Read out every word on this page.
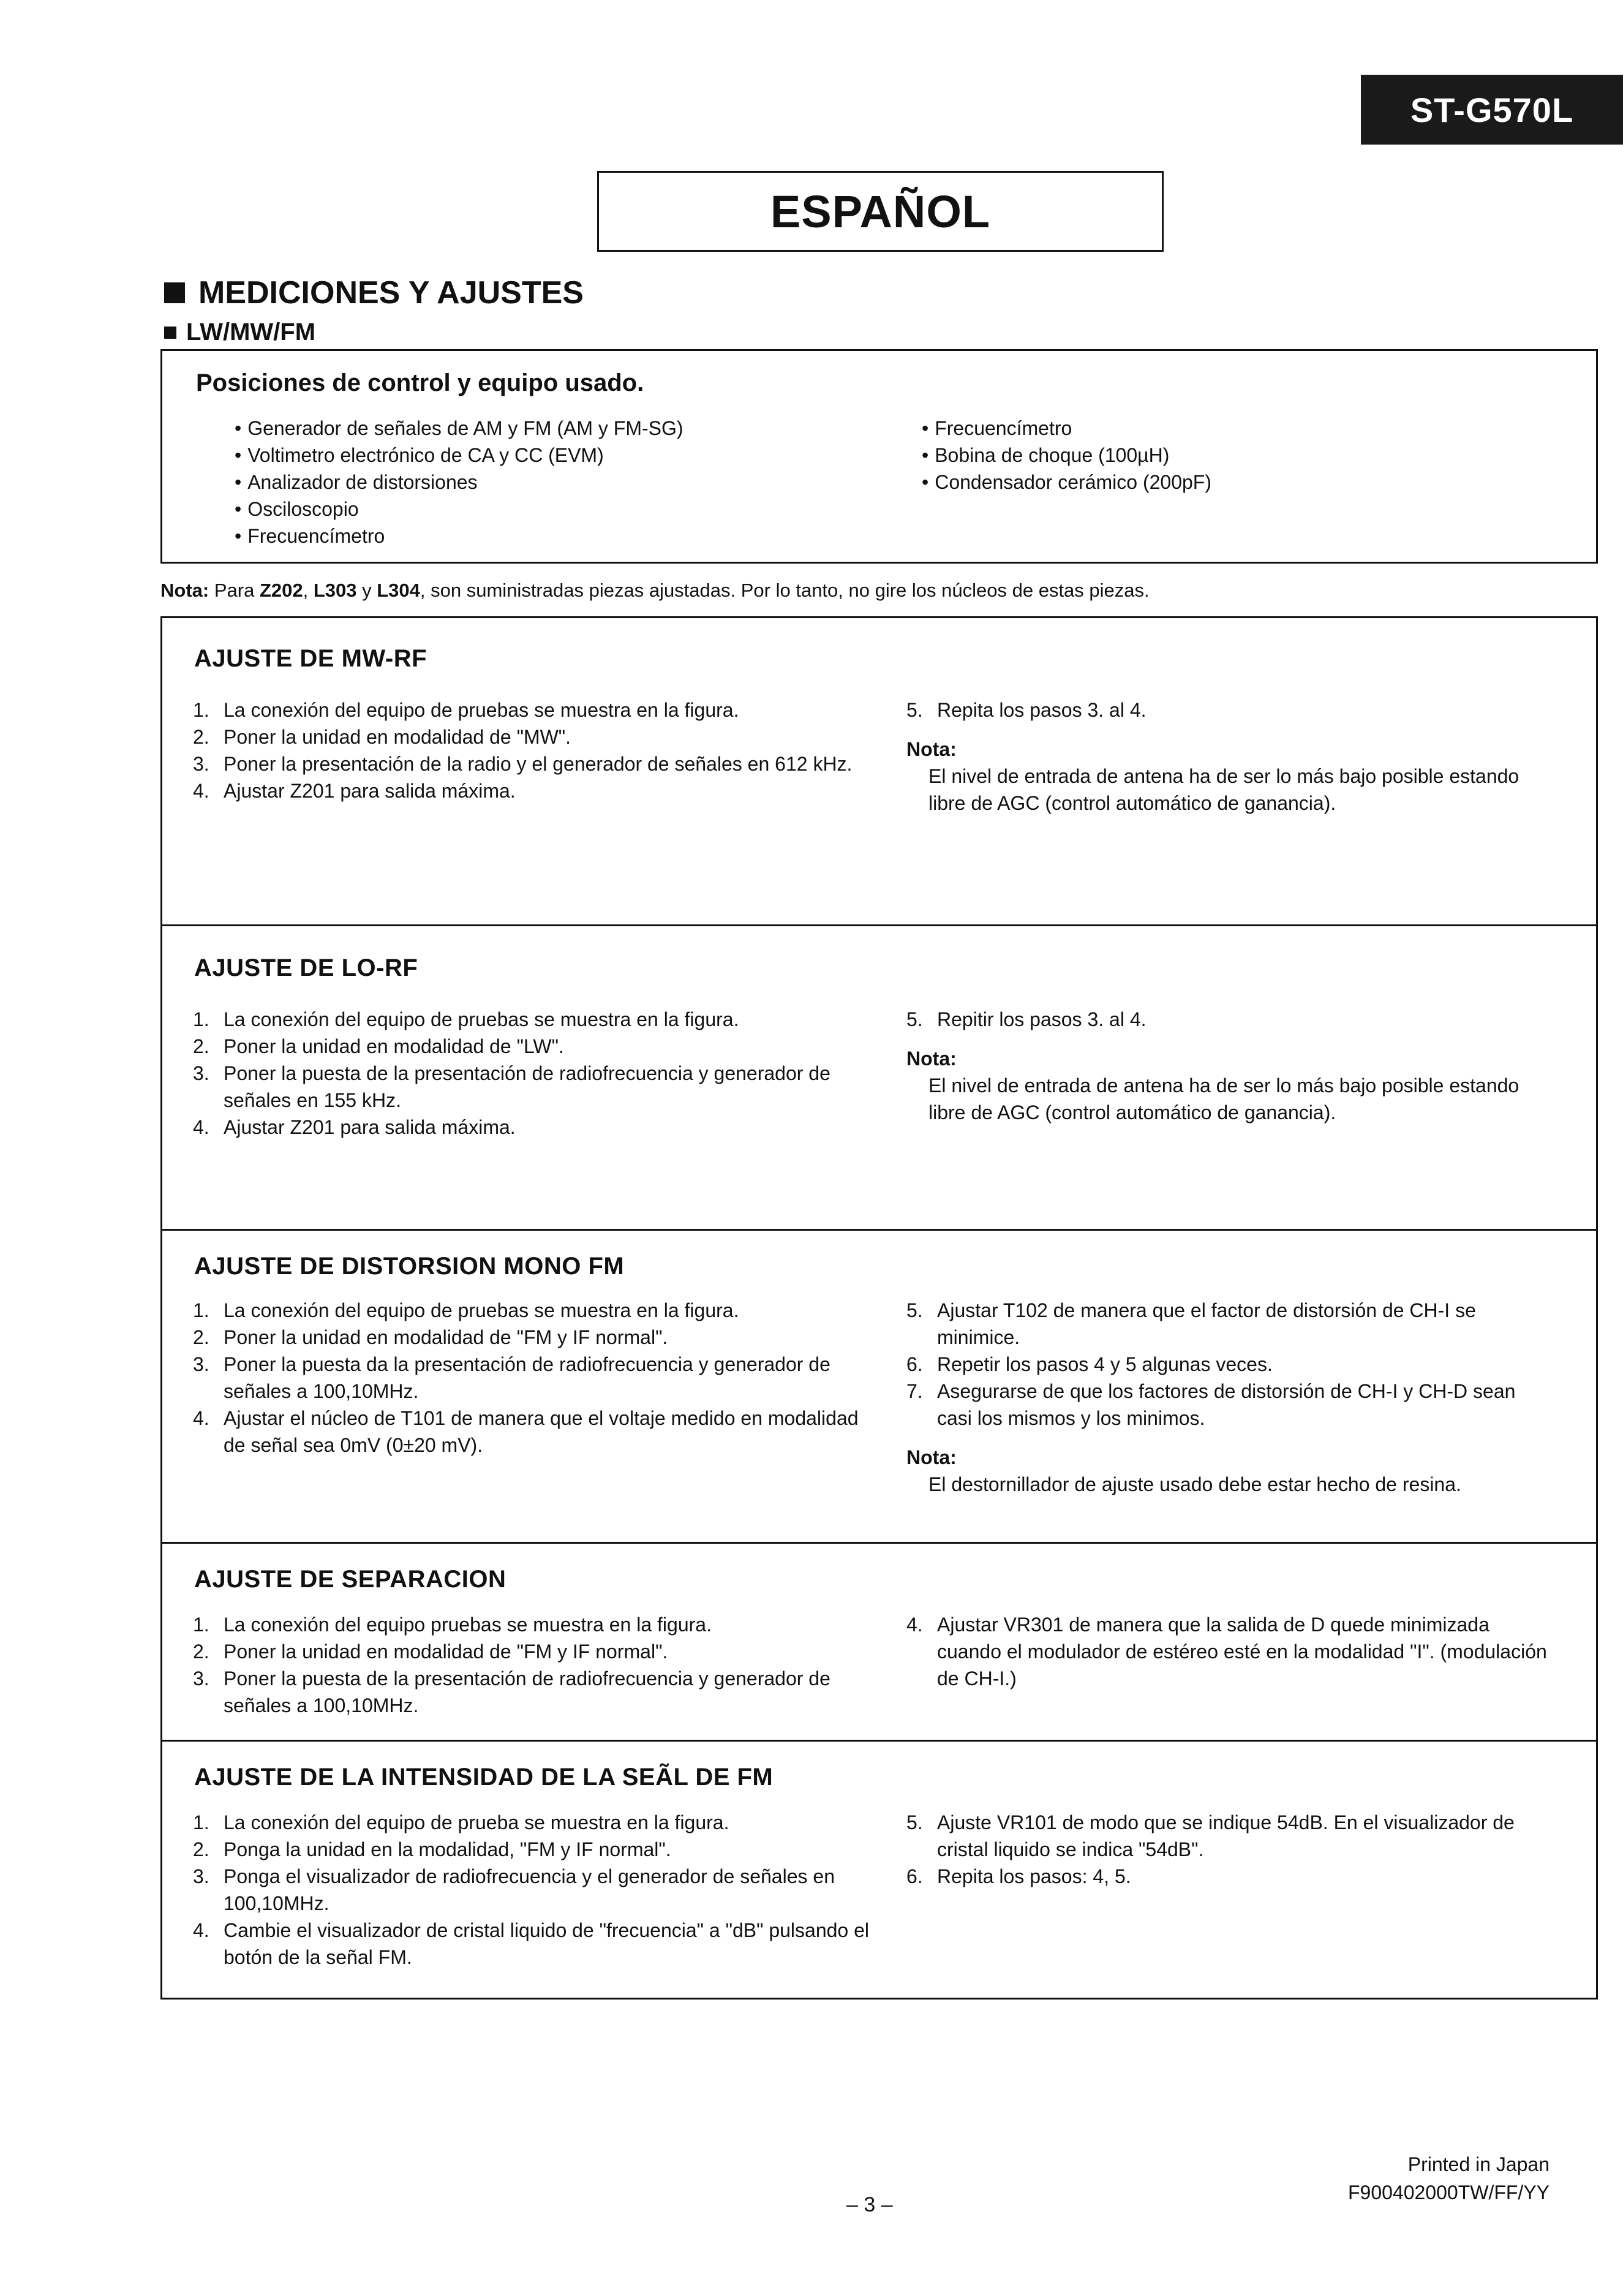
ST-G570L
ESPAÑOL
MEDICIONES Y AJUSTES
LW/MW/FM
Posiciones de control y equipo usado.
• Generador de señales de AM y FM (AM y FM-SG)
• Voltimetro electrónico de CA y CC (EVM)
• Analizador de distorsiones
• Osciloscopio
• Frecuencímetro
• Frecuencímetro
• Bobina de choque (100µH)
• Condensador cerámico (200pF)
Nota: Para Z202, L303 y L304, son suministradas piezas ajustadas. Por lo tanto, no gire los núcleos de estas piezas.
AJUSTE DE MW-RF
1. La conexión del equipo de pruebas se muestra en la figura.
2. Poner la unidad en modalidad de "MW".
3. Poner la presentación de la radio y el generador de señales en 612 kHz.
4. Ajustar Z201 para salida máxima.
5. Repita los pasos 3. al 4.
Nota:
El nivel de entrada de antena ha de ser lo más bajo posible estando libre de AGC (control automático de ganancia).
AJUSTE DE LO-RF
1. La conexión del equipo de pruebas se muestra en la figura.
2. Poner la unidad en modalidad de "LW".
3. Poner la puesta de la presentación de radiofrecuencia y generador de señales en 155 kHz.
4. Ajustar Z201 para salida máxima.
5. Repitir los pasos 3. al 4.
Nota:
El nivel de entrada de antena ha de ser lo más bajo posible estando libre de AGC (control automático de ganancia).
AJUSTE DE DISTORSION MONO FM
1. La conexión del equipo de pruebas se muestra en la figura.
2. Poner la unidad en modalidad de "FM y IF normal".
3. Poner la puesta da la presentación de radiofrecuencia y generador de señales a 100,10MHz.
4. Ajustar el núcleo de T101 de manera que el voltaje medido en modalidad de señal sea 0mV (0±20 mV).
5. Ajustar T102 de manera que el factor de distorsión de CH-I se minimice.
6. Repetir los pasos 4 y 5 algunas veces.
7. Asegurarse de que los factores de distorsión de CH-I y CH-D sean casi los mismos y los minimos.
Nota:
El destornillador de ajuste usado debe estar hecho de resina.
AJUSTE DE SEPARACION
1. La conexión del equipo pruebas se muestra en la figura.
2. Poner la unidad en modalidad de "FM y IF normal".
3. Poner la puesta de la presentación de radiofrecuencia y generador de señales a 100,10MHz.
4. Ajustar VR301 de manera que la salida de D quede minimizada cuando el modulador de estéreo esté en la modalidad "I". (modulación de CH-I.)
AJUSTE DE LA INTENSIDAD DE LA SEÃL DE FM
1. La conexión del equipo de prueba se muestra en la figura.
2. Ponga la unidad en la modalidad, "FM y IF normal".
3. Ponga el visualizador de radiofrecuencia y el generador de señales en 100,10MHz.
4. Cambie el visualizador de cristal liquido de "frecuencia" a "dB" pulsando el botón de la señal FM.
5. Ajuste VR101 de modo que se indique 54dB. En el visualizador de cristal liquido se indica "54dB".
6. Repita los pasos: 4, 5.
– 3 –
Printed in Japan
F900402000TW/FF/YY
